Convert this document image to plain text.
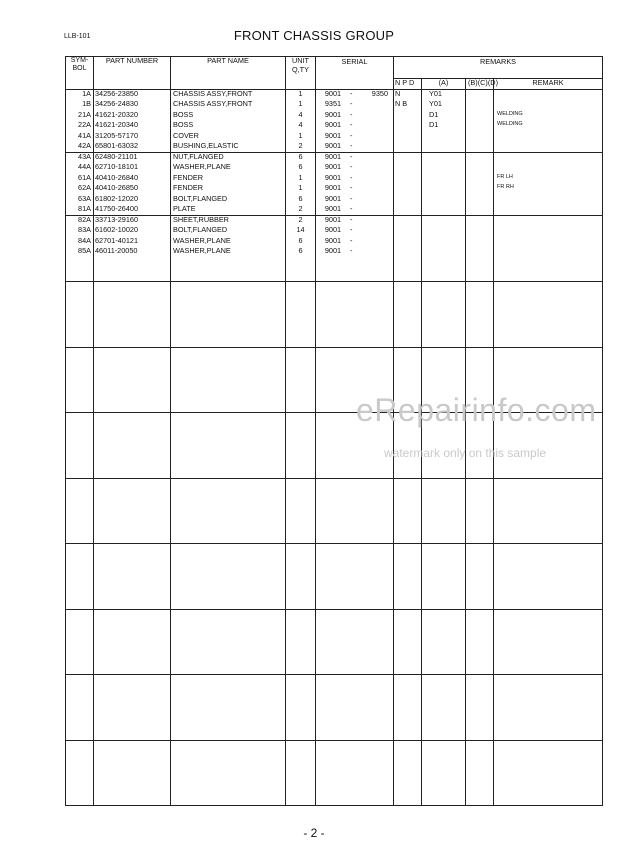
LLB-101	FRONT CHASSIS GROUP
SYM-
BOL	PART NUMBER	PART NAME	UNIT
Q,TY	SERIAL	REMARKS			
					N P D	(A)	(B) (C) (D)	REMARK
1A	34256-23850	CHASSIS ASSY,FRONT	1	9001 - 9350	N	Y01		
1B	34256-24830	CHASSIS ASSY,FRONT	1	9351 -	N B	Y01		
21A	41621-20320	BOSS	4	9001 -		D1		WELDING
22A	41621-20340	BOSS	4	9001 -		D1		WELDING
41A	31205-57170	COVER	1	9001 -				
42A	65801-63032	BUSHING,ELASTIC	2	9001 -				
43A	62480-21101	NUT,FLANGED	6	9001 -				
44A	62710-18101	WASHER,PLANE	6	9001 -				
61A	40410-26840	FENDER	1	9001 -				FR LH
62A	40410-26850	FENDER	1	9001 -				FR RH
63A	61802-12020	BOLT,FLANGED	6	9001 -				
81A	41750-26400	PLATE	2	9001 -				
82A	33713-29160	SHEET,RUBBER	2	9001 -				
83A	61602-10020	BOLT,FLANGED	14	9001 -				
84A	62701-40121	WASHER,PLANE	6	9001 -				
85A	46011-20050	WASHER,PLANE	6	9001 -				

eRepairinfo.com
watermark only on this sample
- 2 -
